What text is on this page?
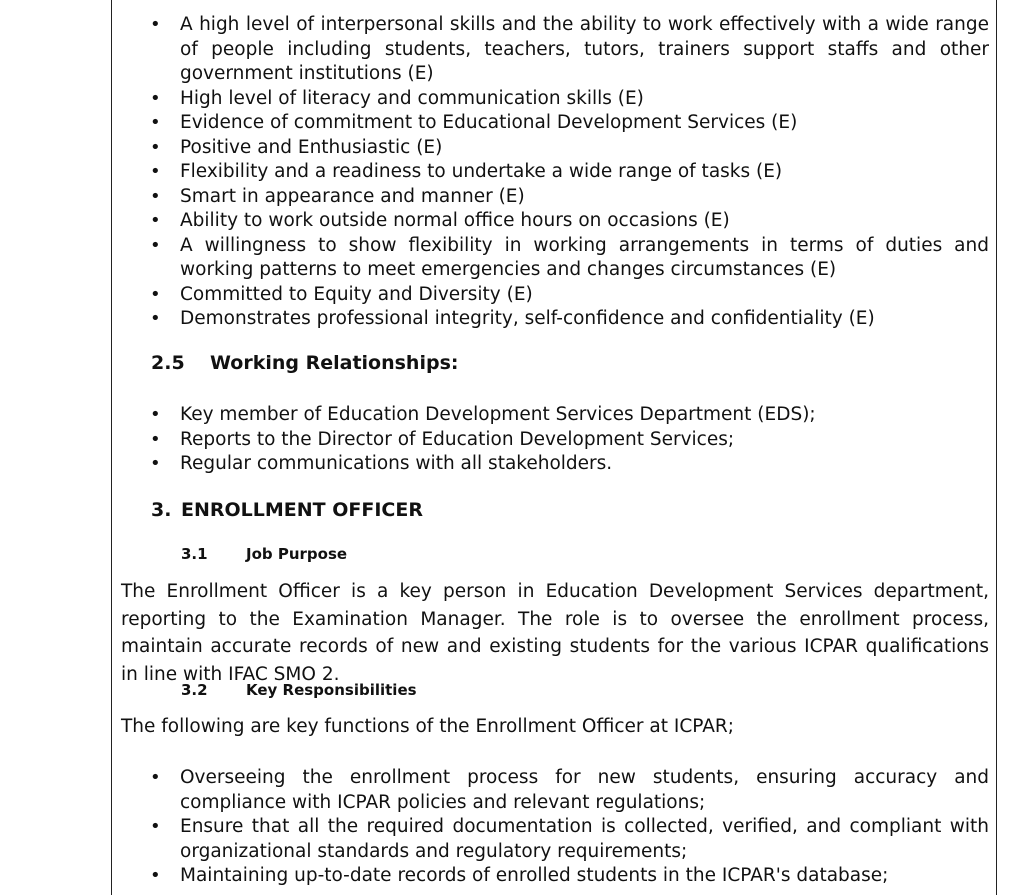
• A high level of interpersonal skills and the ability to work effectively with a wide range of people including students, teachers, tutors, trainers support staffs and other government institutions (E)
• High level of literacy and communication skills (E)
• Evidence of commitment to Educational Development Services (E)
• Positive and Enthusiastic (E)
• Flexibility and a readiness to undertake a wide range of tasks (E)
• Smart in appearance and manner (E)
• Ability to work outside normal office hours on occasions (E)
• A willingness to show flexibility in working arrangements in terms of duties and working patterns to meet emergencies and changes circumstances (E)
• Committed to Equity and Diversity (E)
• Demonstrates professional integrity, self-confidence and confidentiality (E)
2.5 Working Relationships:
• Key member of Education Development Services Department (EDS);
• Reports to the Director of Education Development Services;
• Regular communications with all stakeholders.
3. ENROLLMENT OFFICER
3.1	Job Purpose

The Enrollment Officer is a key person in Education Development Services department, reporting to the Examination Manager. The role is to oversee the enrollment process, maintain accurate records of new and existing students for the various ICPAR qualifications in line with IFAC SMO 2.

3.2	Key Responsibilities

The following are key functions of the Enrollment Officer at ICPAR;

• Overseeing the enrollment process for new students, ensuring accuracy and compliance with ICPAR policies and relevant regulations;
• Ensure that all the required documentation is collected, verified, and compliant with organizational standards and regulatory requirements;
• Maintaining up-to-date records of enrolled students in the ICPAR's database;
